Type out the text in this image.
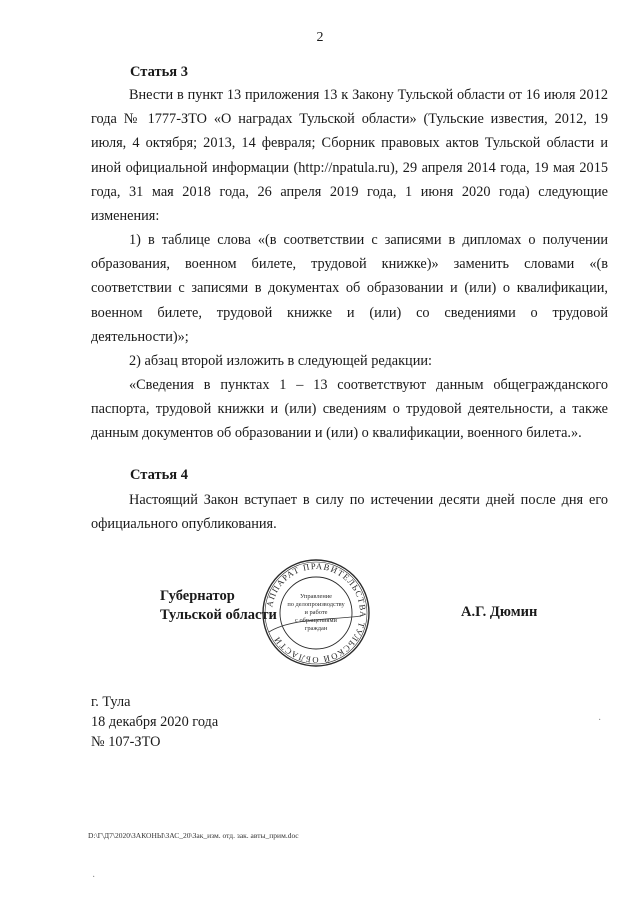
2
Статья 3
Внести в пункт 13 приложения 13 к Закону Тульской области от 16 июля 2012 года № 1777-ЗТО «О наградах Тульской области» (Тульские известия, 2012, 19 июля, 4 октября; 2013, 14 февраля; Сборник правовых актов Тульской области и иной официальной информации (http://npatula.ru), 29 апреля 2014 года, 19 мая 2015 года, 31 мая 2018 года, 26 апреля 2019 года, 1 июня 2020 года) следующие изменения:
1) в таблице слова «(в соответствии с записями в дипломах о получении образования, военном билете, трудовой книжке)» заменить словами «(в соответствии с записями в документах об образовании и (или) о квалификации, военном билете, трудовой книжке и (или) со сведениями о трудовой деятельности)»;
2) абзац второй изложить в следующей редакции:
«Сведения в пунктах 1 – 13 соответствуют данным общегражданского паспорта, трудовой книжки и (или) сведениям о трудовой деятельности, а также данным документов об образовании и (или) о квалификации, военного билета.».
Статья 4
Настоящий Закон вступает в силу по истечении десяти дней после дня его официального опубликования.
Губернатор
Тульской области
АППАРАТ ПРАВИТЕЛЬСТВА ТУЛЬСКОЙ ОБЛАСТИ
Управление
по делопроизводству
и работе
с обращениями
граждан
А.Г. Дюмин
г. Тула
18 декабря 2020 года
№ 107-ЗТО
·
·
D:\Г\Д7\2020\ЗАКОНЫ\ЗАС_20\Зак_изм. отд. зак. авты_прим.doc
